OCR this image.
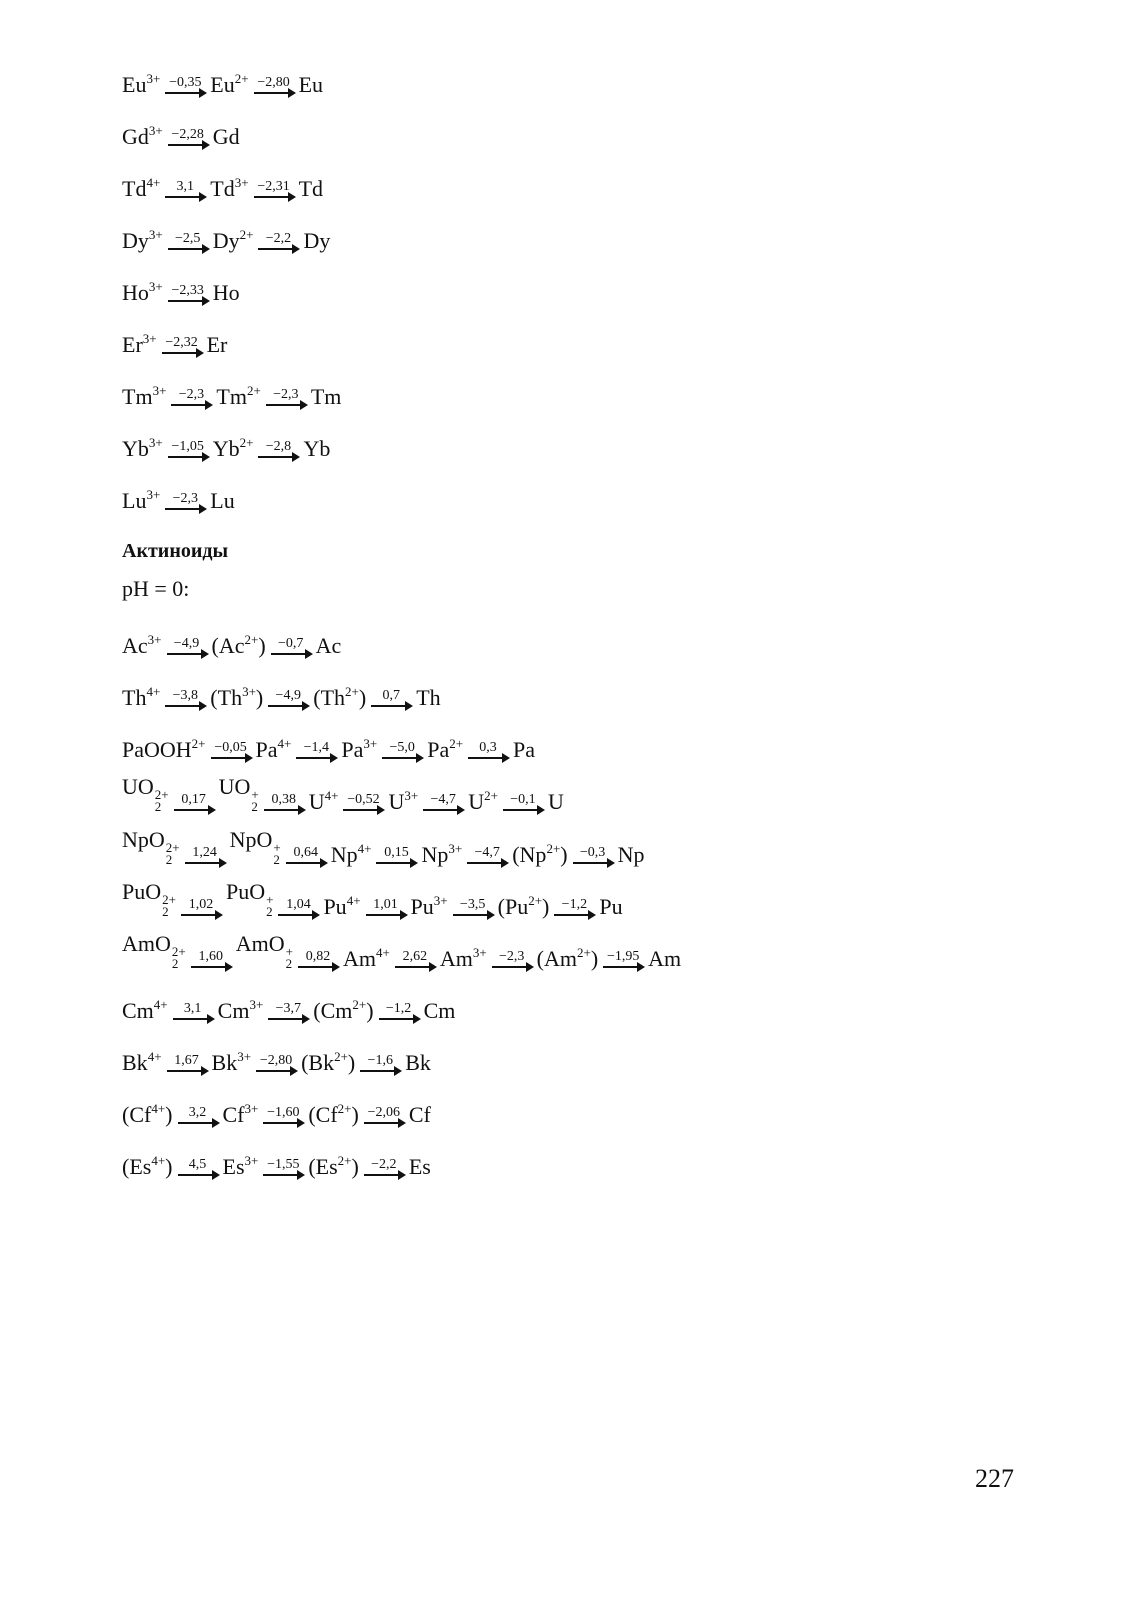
$Eu^{3+} -0,35$ $Eu^{2+} -2,80$ Eu
$Gd^{3+} -2,28$ Gd
$Td^{4+}$ 3,1 $Td^{3+} -2,31$ Td
$Dy^{3+} -2,5$ $Dy^{2+} -2,2$ Dy
$Ho^{3+} -2,33$ Ho
$Er^{3+} -2,32$ Er
$Tm^{3+} -2,3$ $Tm^{2+} -2,3$ Tm
$Yb^{3+} -1,05$ $Yb^{2+} -2,8$ Yb
$Lu^{3+} -2,3$ Lu
Актиноиды
pH = 0:
$Ac^{3+} -4,9$ $(Ac^{2+}) -0,7$ Ac
$Th^{4+} -3,8$ $(Th^{3+}) -4,9$ $(Th^{2+})$ 0,7 Th
PaOOH$^{2+}$ −0,05 $Pa^{4+} -1,4$ $Pa^{3+} -5,0$ $Pa^{2+}$ 0,3 Pa
UO 2+
2	0,17
UO +
2 0,38 $U^{4+} -0,52$ $U^{3+} -4,7$ $U^{2+} -0,1$ U
NpO 2+
2	1,24
NpO +
2 0,64 $Np^{4+}$ 0,15 $Np^{3+} -4,7$ $(Np^{2+}) -0,3$ Np
PuO 2+
2	1,02
PuO +
2 1,04 $Pu^{4+}$ 1,01 $Pu^{3+} -3,5$ $(Pu^{2+}) -1,2$ Pu
AmO 2+
2	1,60
AmO +
2 0,82 $Am^{4+}$ 2,62 $Am^{3+} -2,3$ $(Am^{2+}) -1,95$ Am
$Cm^{4+}$ 3,1 $Cm^{3+} -3,7$ $(Cm^{2+}) -1,2$ Cm
$Bk^{4+}$ 1,67 $Bk^{3+} -2,80$ $(Bk^{2+}) -1,6$ Bk
$(Cf^{4+})$ 3,2 $Cf^{3+} -1,60$ $(Cf^{2+}) -2,06$ Cf
$(Es^{4+})$ 4,5 $Es^{3+} -1,55$ $(Es^{2+}) -2,2$ Es
227
